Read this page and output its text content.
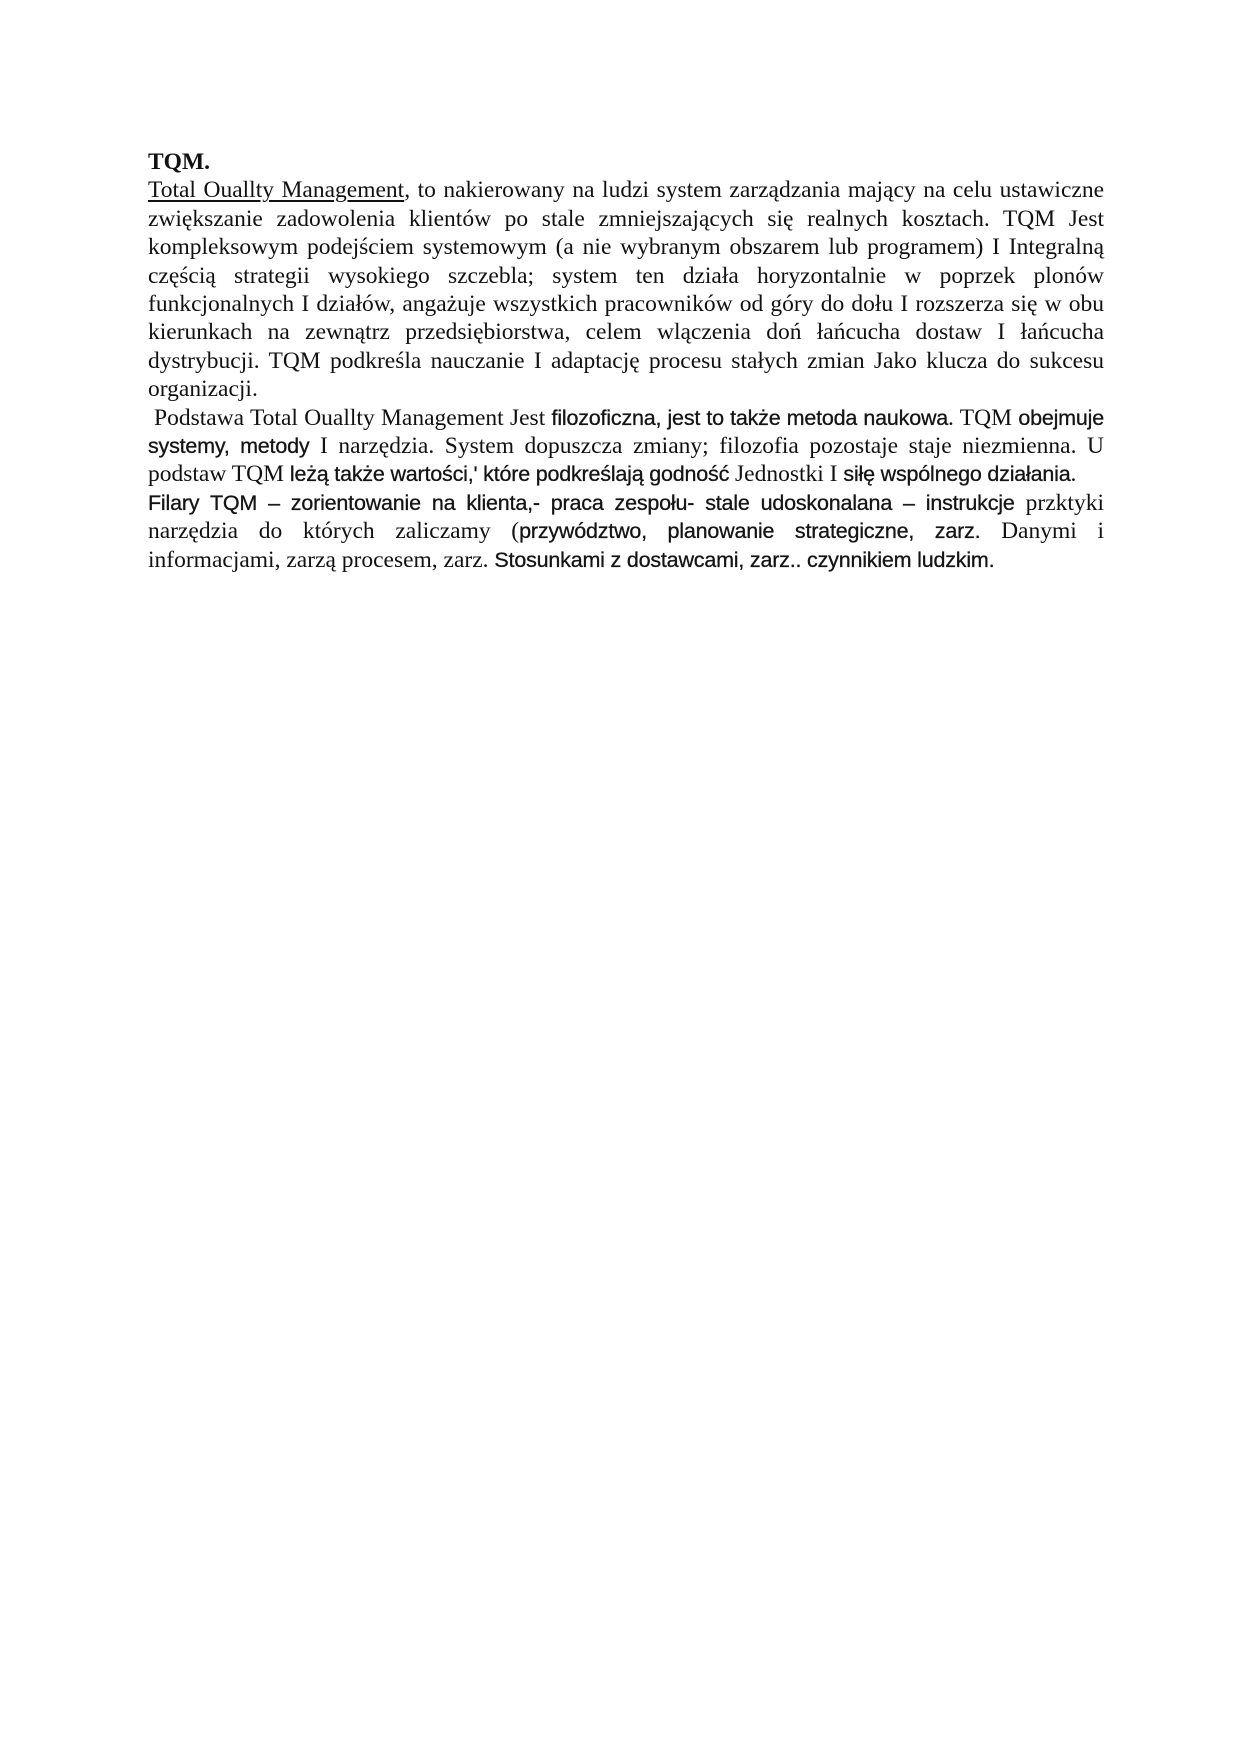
TQM.

Total Ouallty Management, to nakierowany na ludzi system zarządzania mający na celu ustawiczne zwiększanie zadowolenia klientów po stale zmniejszających się realnych kosztach. TQM Jest kompleksowym podejściem systemowym (a nie wybranym obszarem lub programem) I Integralną częścią strategii wysokiego szczebla; system ten działa horyzontalnie w poprzek plonów funkcjonalnych I działów, angażuje wszystkich pracowników od góry do dołu I rozszerza się w obu kierunkach na zewnątrz przedsiębiorstwa, celem wlączenia doń łańcucha dostaw I łańcucha dystrybucji. TQM podkreśla nauczanie I adaptację procesu stałych zmian Jako klucza do sukcesu organizacji.

Podstawa Total Ouallty Management Jest filozoficzna, jest to także metoda naukowa. TQM obejmuje systemy, metody I narzędzia. System dopuszcza zmiany; filozofia pozostaje staje niezmienna. U podstaw TQM leżą także wartości,' które podkreślają godność Jednostki I siłę wspólnego działania.

Filary TQM – zorientowanie na klienta,- praca zespołu- stale udoskonalana – instrukcje przktyki narzędzia do których zaliczamy (przywództwo, planowanie strategiczne, zarz. Danymi i informacjami, zarzą procesem, zarz. Stosunkami z dostawcami, zarz.. czynnikiem ludzkim.
